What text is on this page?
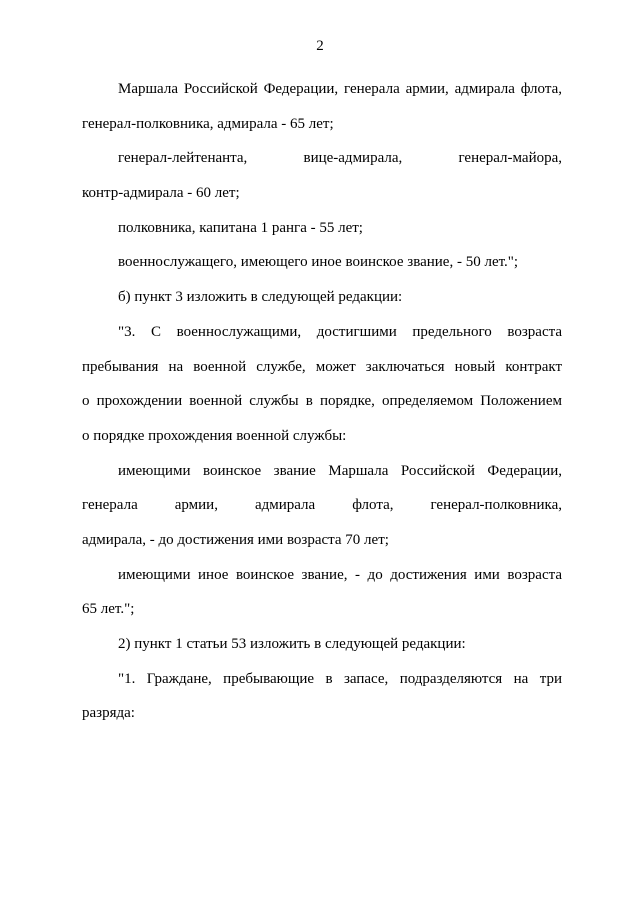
2
Маршала Российской Федерации, генерала армии, адмирала флота,
генерал-полковника, адмирала - 65 лет;
генерал-лейтенанта, вице-адмирала, генерал-майора,
контр-адмирала - 60 лет;
полковника, капитана 1 ранга - 55 лет;
военнослужащего, имеющего иное воинское звание, - 50 лет.";
б) пункт 3 изложить в следующей редакции:
"3. С военнослужащими, достигшими предельного возраста
пребывания на военной службе, может заключаться новый контракт
о прохождении военной службы в порядке, определяемом Положением
о порядке прохождения военной службы:
имеющими воинское звание Маршала Российской Федерации,
генерала армии, адмирала флота, генерал-полковника,
адмирала, - до достижения ими возраста 70 лет;
имеющими иное воинское звание, - до достижения ими возраста
65 лет.";
2) пункт 1 статьи 53 изложить в следующей редакции:
"1. Граждане, пребывающие в запасе, подразделяются на три
разряда:
